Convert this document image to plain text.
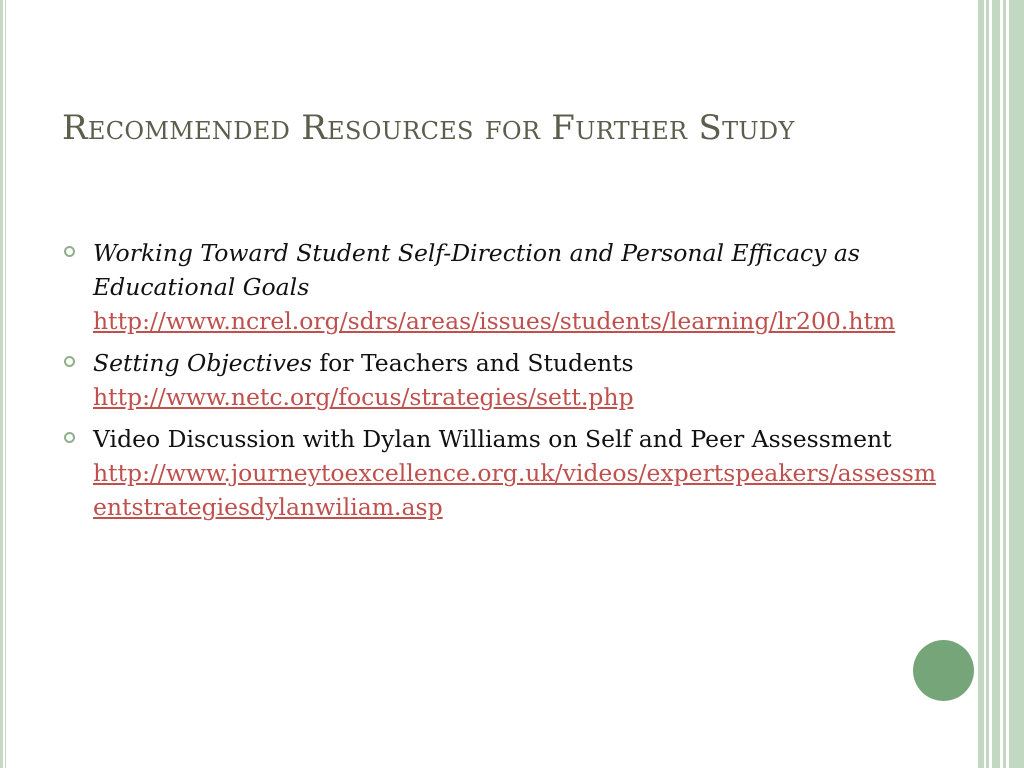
Recommended Resources for Further Study
Working Toward Student Self-Direction and Personal Efficacy as Educational Goals
http://www.ncrel.org/sdrs/areas/issues/students/learning/lr200.htm
Setting Objectives for Teachers and Students
http://www.netc.org/focus/strategies/sett.php
Video Discussion with Dylan Williams on Self and Peer Assessment
http://www.journeytoexcellence.org.uk/videos/expertspeakers/assessmentstrategiesdylanwiliam.asp
